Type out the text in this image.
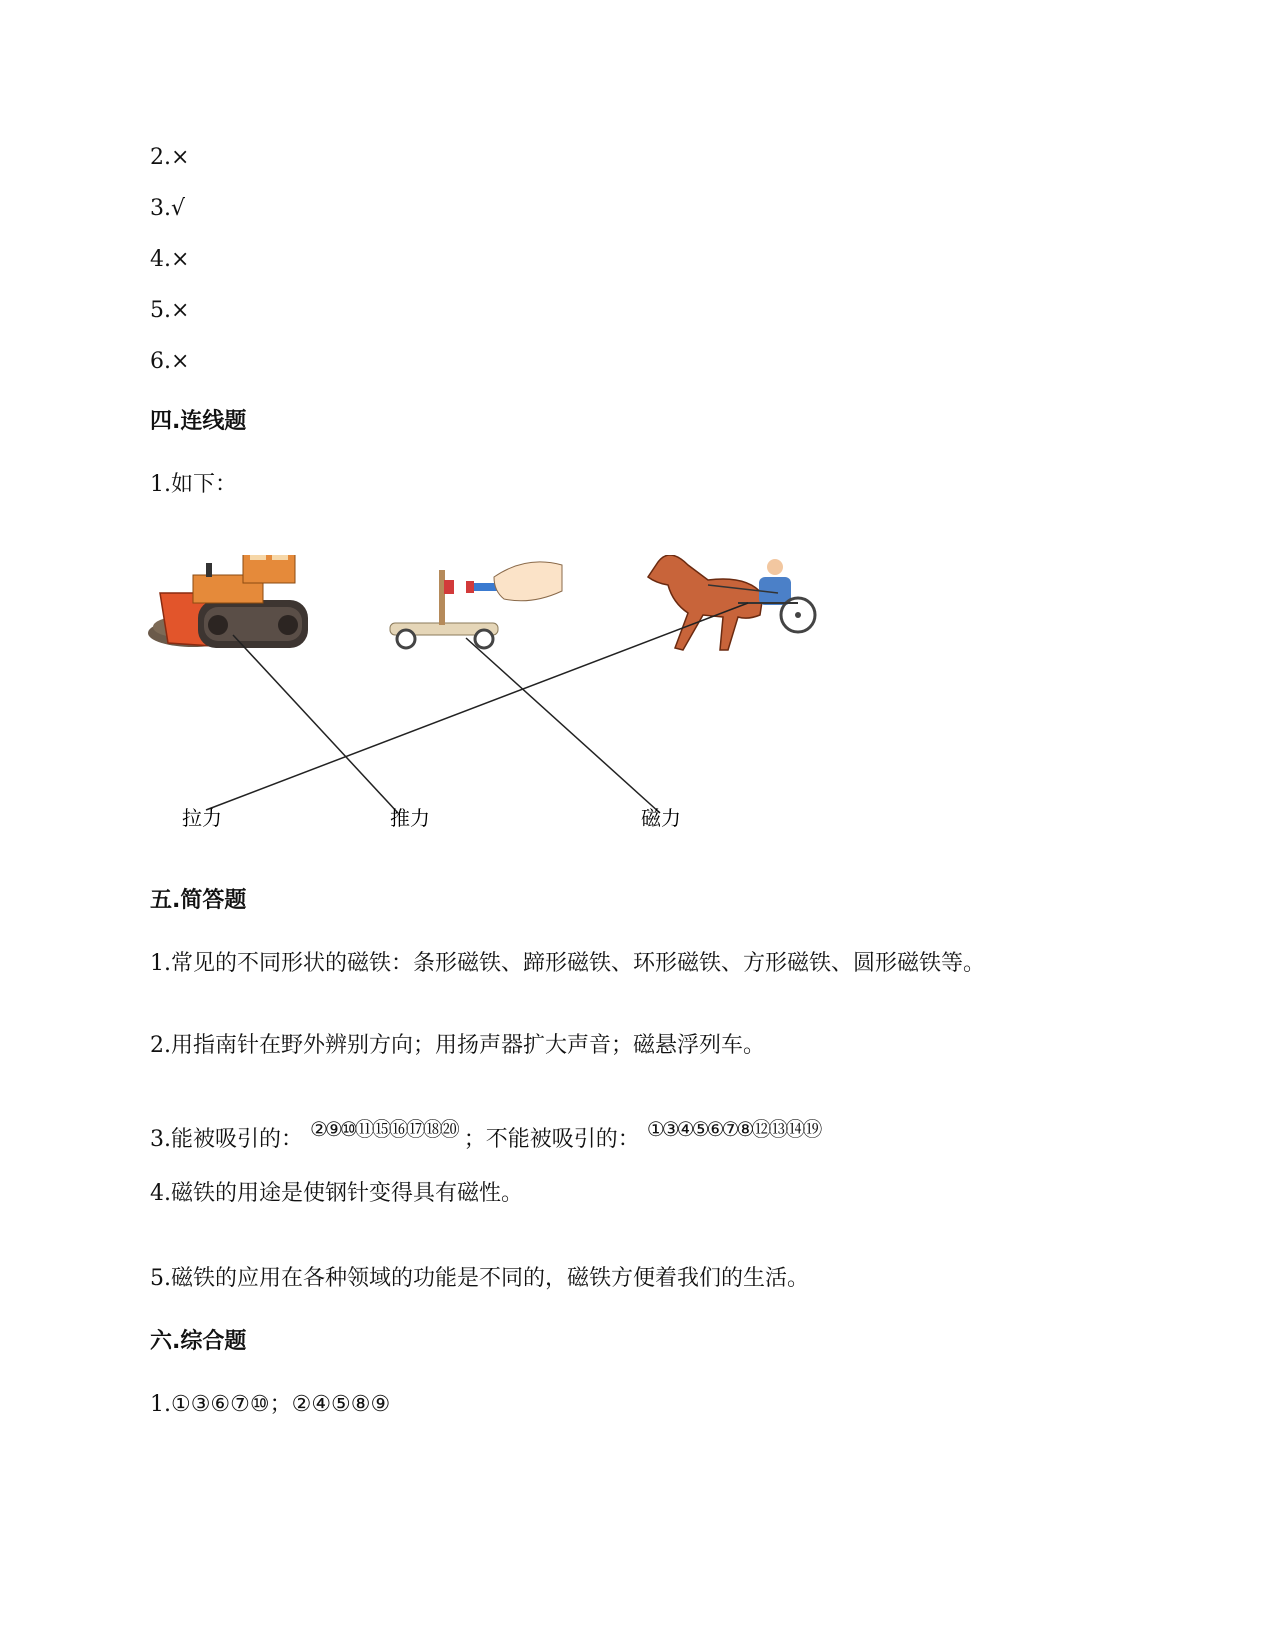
2.×
3.√
4.×
5.×
6.×
四.连线题
1.如下：
拉力	推力	磁力
五.简答题
1.常见的不同形状的磁铁：条形磁铁、蹄形磁铁、环形磁铁、方形磁铁、圆形磁铁等。
2.用指南针在野外辨别方向；用扬声器扩大声音；磁悬浮列车。
3.能被吸引的： ②⑨⑩⑪⑮⑯⑰⑱⑳ ；不能被吸引的： ①③④⑤⑥⑦⑧⑫⑬⑭⑲
4.磁铁的用途是使钢针变得具有磁性。
5.磁铁的应用在各种领域的功能是不同的，磁铁方便着我们的生活。
六.综合题
1.①③⑥⑦⑩；②④⑤⑧⑨
